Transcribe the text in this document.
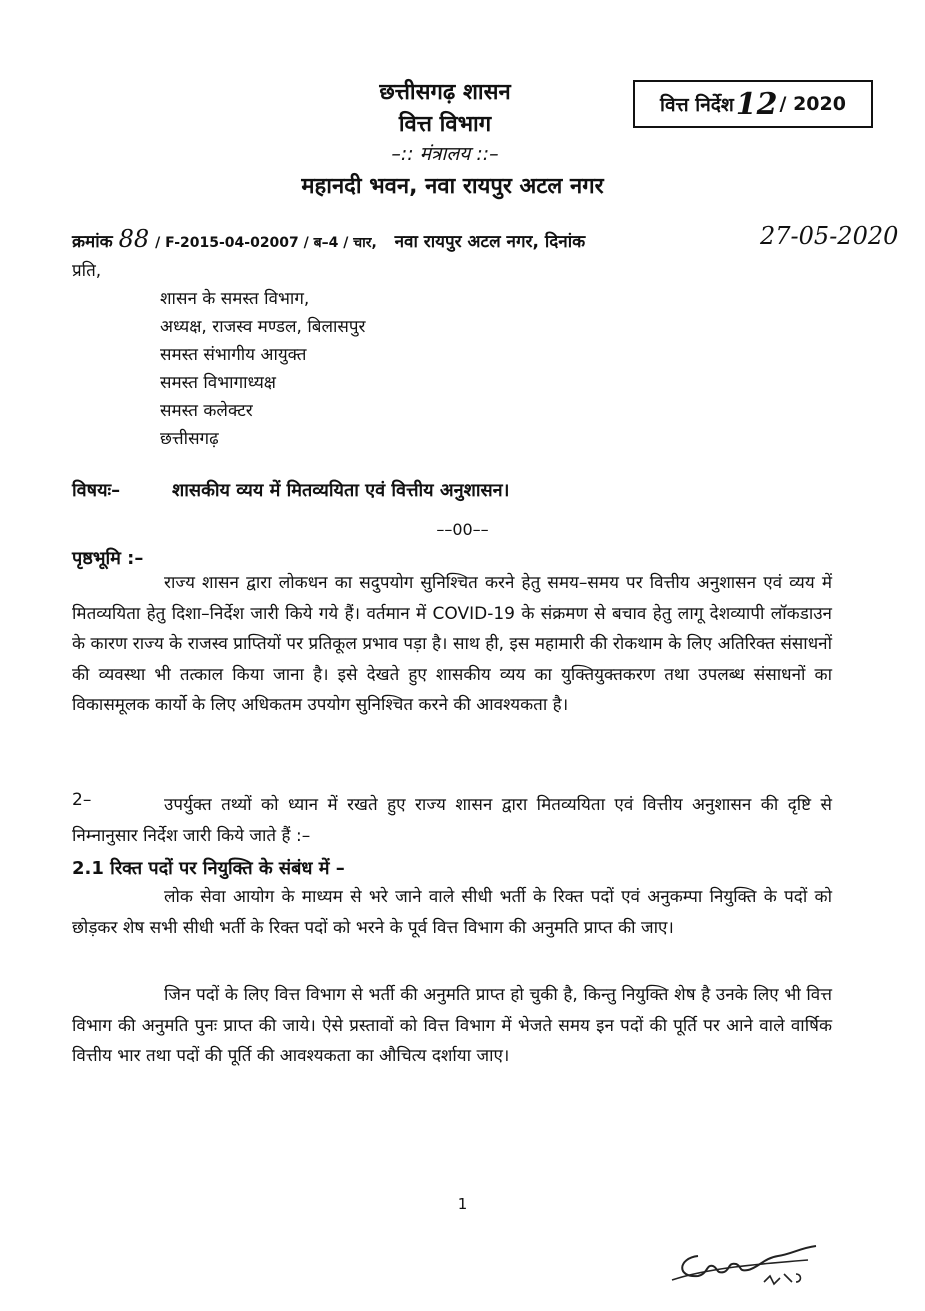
छत्तीसगढ़ शासन
वित्त विभाग
–:: मंत्रालय ::–
महानदी भवन, नवा रायपुर अटल नगर
वित्त निर्देश 12 / 2020
क्रमांक 88 / F-2015-04-02007 / ब–4 / चार, नवा रायपुर अटल नगर, दिनांक	27-05-2020
प्रति,
शासन के समस्त विभाग,
अध्यक्ष, राजस्व मण्डल, बिलासपुर
समस्त संभागीय आयुक्त
समस्त विभागाध्यक्ष
समस्त कलेक्टर
छत्तीसगढ़
विषयः–	शासकीय व्यय में मितव्ययिता एवं वित्तीय अनुशासन।
––00––
पृष्ठभूमि :–
राज्य शासन द्वारा लोकधन का सदुपयोग सुनिश्चित करने हेतु समय–समय पर वित्तीय अनुशासन एवं व्यय में मितव्ययिता हेतु दिशा–निर्देश जारी किये गये हैं। वर्तमान में COVID-19 के संक्रमण से बचाव हेतु लागू देशव्यापी लॉकडाउन के कारण राज्य के राजस्व प्राप्तियों पर प्रतिकूल प्रभाव पड़ा है। साथ ही, इस महामारी की रोकथाम के लिए अतिरिक्त संसाधनों की व्यवस्था भी तत्काल किया जाना है। इसे देखते हुए शासकीय व्यय का युक्तियुक्तकरण तथा उपलब्ध संसाधनों का विकासमूलक कार्यो के लिए अधिकतम उपयोग सुनिश्चित करने की आवश्यकता है।
2–	उपर्युक्त तथ्यों को ध्यान में रखते हुए राज्य शासन द्वारा मितव्ययिता एवं वित्तीय अनुशासन की दृष्टि से निम्नानुसार निर्देश जारी किये जाते हैं :–
2.1 रिक्त पदों पर नियुक्ति के संबंध में –
लोक सेवा आयोग के माध्यम से भरे जाने वाले सीधी भर्ती के रिक्त पदों एवं अनुकम्पा नियुक्ति के पदों को छोड़कर शेष सभी सीधी भर्ती के रिक्त पदों को भरने के पूर्व वित्त विभाग की अनुमति प्राप्त की जाए।
जिन पदों के लिए वित्त विभाग से भर्ती की अनुमति प्राप्त हो चुकी है, किन्तु नियुक्ति शेष है उनके लिए भी वित्त विभाग की अनुमति पुनः प्राप्त की जाये। ऐसे प्रस्तावों को वित्त विभाग में भेजते समय इन पदों की पूर्ति पर आने वाले वार्षिक वित्तीय भार तथा पदों की पूर्ति की आवश्यकता का औचित्य दर्शाया जाए।
1
